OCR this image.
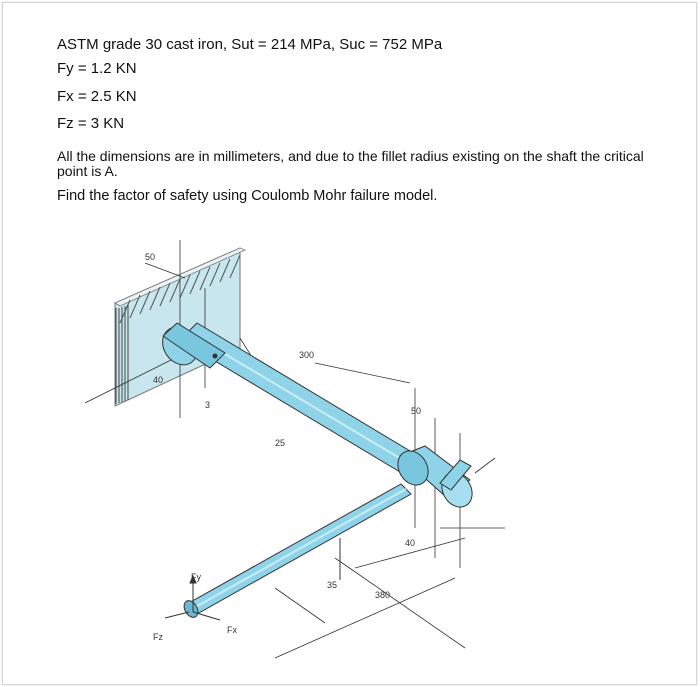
ASTM grade 30 cast iron, Sut = 214 MPa, Suc = 752 MPa
Fy = 1.2 KN
Fx = 2.5 KN
Fz = 3 KN
All the dimensions are in millimeters, and due to the fillet radius existing on the shaft the critical point is A.
Find the factor of safety using Coulomb Mohr failure model.
50
40
3
300
25
50
40
35
380
Fy
Fx
Fz
